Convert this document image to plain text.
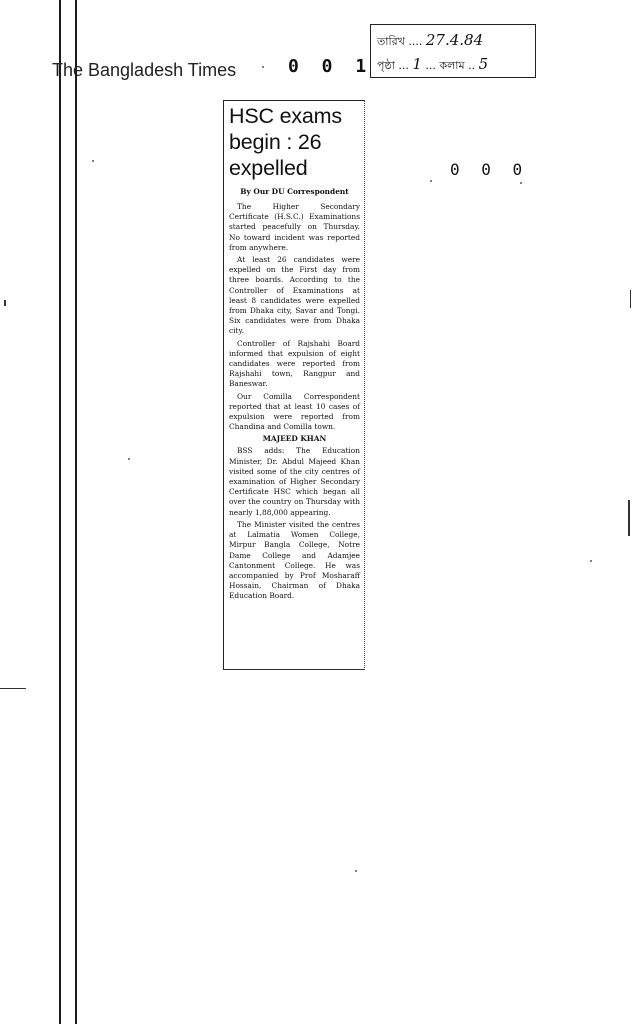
The Bangladesh Times	0 0 1
0 0 0
তারিখ .... 27.4.84
পৃষ্ঠা ... 1 ... কলাম .. 5
HSC exams begin : 26 expelled
By Our DU Correspondent

The Higher Secondary Certificate (H.S.C.) Examinations started peacefully on Thursday. No toward incident was reported from anywhere.

At least 26 candidates were expelled on the First day from three boards. According to the Controller of Examinations at least 8 candidates were expelled from Dhaka city, Savar and Tongi. Six candidates were from Dhaka city.

Controller of Rajshahi Board informed that expulsion of eight candidates were reported from Rajshahi town, Rangpur and Baneswar.

Our Comilla Correspondent reported that at least 10 cases of expulsion were reported from Chandina and Comilla town.

MAJEED KHAN

BSS adds: The Education Minister, Dr. Abdul Majeed Khan visited some of the city centres of examination of Higher Secondary Certificate HSC which began all over the country on Thursday with nearly 1,88,000 appearing.

The Minister visited the centres at Lalmatia Women College, Mirpur Bangla College, Notre Dame College and Adamjee Cantonment College. He was accompanied by Prof Mosharaff Hossain, Chairman of Dhaka Education Board.
